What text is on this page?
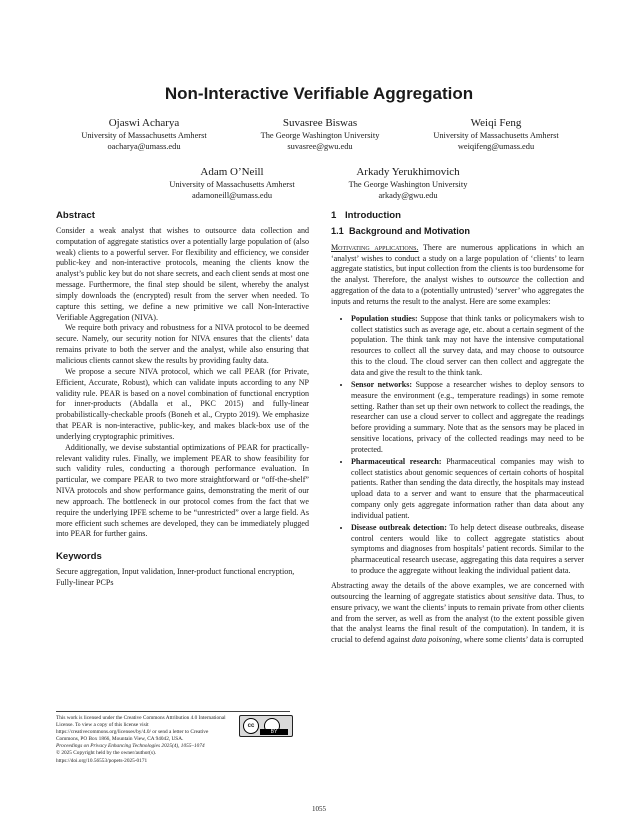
Non-Interactive Verifiable Aggregation
Ojaswi Acharya
University of Massachusetts Amherst
oacharya@umass.edu
Suvasree Biswas
The George Washington University
suvasree@gwu.edu
Weiqi Feng
University of Massachusetts Amherst
weiqifeng@umass.edu
Adam O’Neill
University of Massachusetts Amherst
adamoneill@umass.edu
Arkady Yerukhimovich
The George Washington University
arkady@gwu.edu
Abstract

Consider a weak analyst that wishes to outsource data collection and computation of aggregate statistics over a potentially large population of (also weak) clients to a powerful server. For flexibility and efficiency, we consider public-key and non-interactive protocols, meaning the clients know the analyst’s public key but do not share secrets, and each client sends at most one message. Furthermore, the final step should be silent, whereby the analyst simply downloads the (encrypted) result from the server when needed. To capture this setting, we define a new primitive we call Non-Interactive Verifiable Aggregation (NIVA).

We require both privacy and robustness for a NIVA protocol to be deemed secure. Namely, our security notion for NIVA ensures that the clients’ data remains private to both the server and the analyst, while also ensuring that malicious clients cannot skew the results by providing faulty data.

We propose a secure NIVA protocol, which we call PEAR (for Private, Efficient, Accurate, Robust), which can validate inputs according to any NP validity rule. PEAR is based on a novel combination of functional encryption for inner-products (Abdalla et al., PKC 2015) and fully-linear probabilistically-checkable proofs (Boneh et al., Crypto 2019). We emphasize that PEAR is non-interactive, public-key, and makes black-box use of the underlying cryptographic primitives.

Additionally, we devise substantial optimizations of PEAR for practically-relevant validity rules. Finally, we implement PEAR to show feasibility for such validity rules, conducting a thorough performance evaluation. In particular, we compare PEAR to two more straightforward or “off-the-shelf” NIVA protocols and show performance gains, demonstrating the merit of our new approach. The bottleneck in our protocol comes from the fact that we require the underlying IPFE scheme to be “unrestricted” over a large field. As more efficient such schemes are developed, they can be immediately plugged into PEAR for further gains.

Keywords
Secure aggregation, Input validation, Inner-product functional encryption, Fully-linear PCPs
This work is licensed under the Creative Commons Attribution 4.0 International License. To view a copy of this license visit https://creativecommons.org/licenses/by/4.0/ or send a letter to Creative Commons, PO Box 1866, Mountain View, CA 94042, USA.
Proceedings on Privacy Enhancing Technologies 2025(4), 1055–1074
© 2025 Copyright held by the owner/author(s).
https://doi.org/10.56553/popets-2025-0171
cc
BY
1 Introduction
1.1 Background and Motivation

Motivating applications. There are numerous applications in which an ‘analyst’ wishes to conduct a study on a large population of ‘clients’ to learn aggregate statistics, but input collection from the clients is too burdensome for the analyst. Therefore, the analyst wishes to outsource the collection and aggregation of the data to a (potentially untrusted) ‘server’ who aggregates the inputs and returns the result to the analyst. Here are some examples:

• Population studies: Suppose that think tanks or policymakers wish to collect statistics such as average age, etc. about a certain segment of the population. The think tank may not have the intensive computational resources to collect all the survey data, and may choose to outsource this to the cloud. The cloud server can then collect and aggregate the data and give the result to the think tank.
• Sensor networks: Suppose a researcher wishes to deploy sensors to measure the environment (e.g., temperature readings) in some remote setting. Rather than set up their own network to collect the readings, the researcher can use a cloud server to collect and aggregate the readings before providing a summary. Note that as the sensors may be placed in sensitive locations, privacy of the collected readings may need to be protected.
• Pharmaceutical research: Pharmaceutical companies may wish to collect statistics about genomic sequences of certain cohorts of hospital patients. Rather than sending the data directly, the hospitals may instead upload data to a server and want to ensure that the pharmaceutical company only gets aggregate information rather than data about any individual patient.
• Disease outbreak detection: To help detect disease outbreaks, disease control centers would like to collect aggregate statistics about symptoms and diagnoses from hospitals’ patient records. Similar to the pharmaceutical research usecase, aggregating this data requires a server to produce the aggregate without leaking the individual patient data.

Abstracting away the details of the above examples, we are concerned with outsourcing the learning of aggregate statistics about sensitive data. Thus, to ensure privacy, we want the clients’ inputs to remain private from other clients and from the server, as well as from the analyst (to the extent possible given that the analyst learns the final result of the computation). In tandem, it is crucial to defend against data poisoning, where some clients’ data is corrupted

1055
